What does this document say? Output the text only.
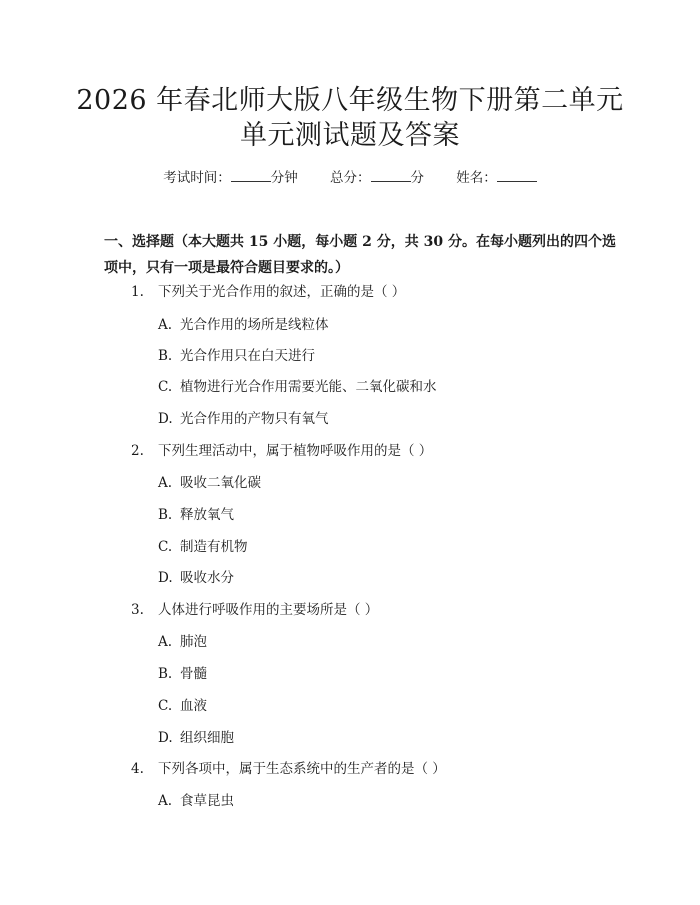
2026 年春北师大版八年级生物下册第二单元
单元测试题及答案
考试时间：	分钟 总分：	分 姓名：
一、选择题（本大题共 15 小题，每小题 2 分，共 30 分。在每小题列出的四个选项中，只有一项是最符合题目要求的。）
1. 下列关于光合作用的叙述，正确的是（ ）
A. 光合作用的场所是线粒体
B. 光合作用只在白天进行
C. 植物进行光合作用需要光能、二氧化碳和水
D. 光合作用的产物只有氧气
2. 下列生理活动中，属于植物呼吸作用的是（ ）
A. 吸收二氧化碳
B. 释放氧气
C. 制造有机物
D. 吸收水分
3. 人体进行呼吸作用的主要场所是（ ）
A. 肺泡
B. 骨髓
C. 血液
D. 组织细胞
4. 下列各项中，属于生态系统中的生产者的是（ ）
A. 食草昆虫
